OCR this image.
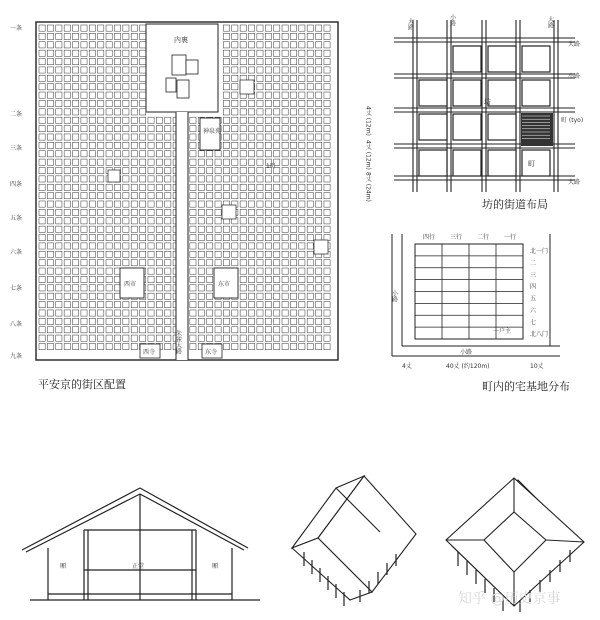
一条
二条
三条
四条
五条
六条
七条
八条
九条
内裏
神泉苑
西市	东市
朱雀大路
西寺	东寺
1町
坊
町
大路	小路	大路
大路
小路
町 (tyo)
大路
4丈 (12m)
4丈 (12m)
8丈 (24m)
四行 三行 二行 一行
北一门
二
三
四
五
六
七
北八门
小路
一户主
4丈	40丈 (约120m)	10丈
小路
厢	正堂	厢
平安京的街区配置
坊的街道布局
町内的宅基地分布
知乎 @历史京事
